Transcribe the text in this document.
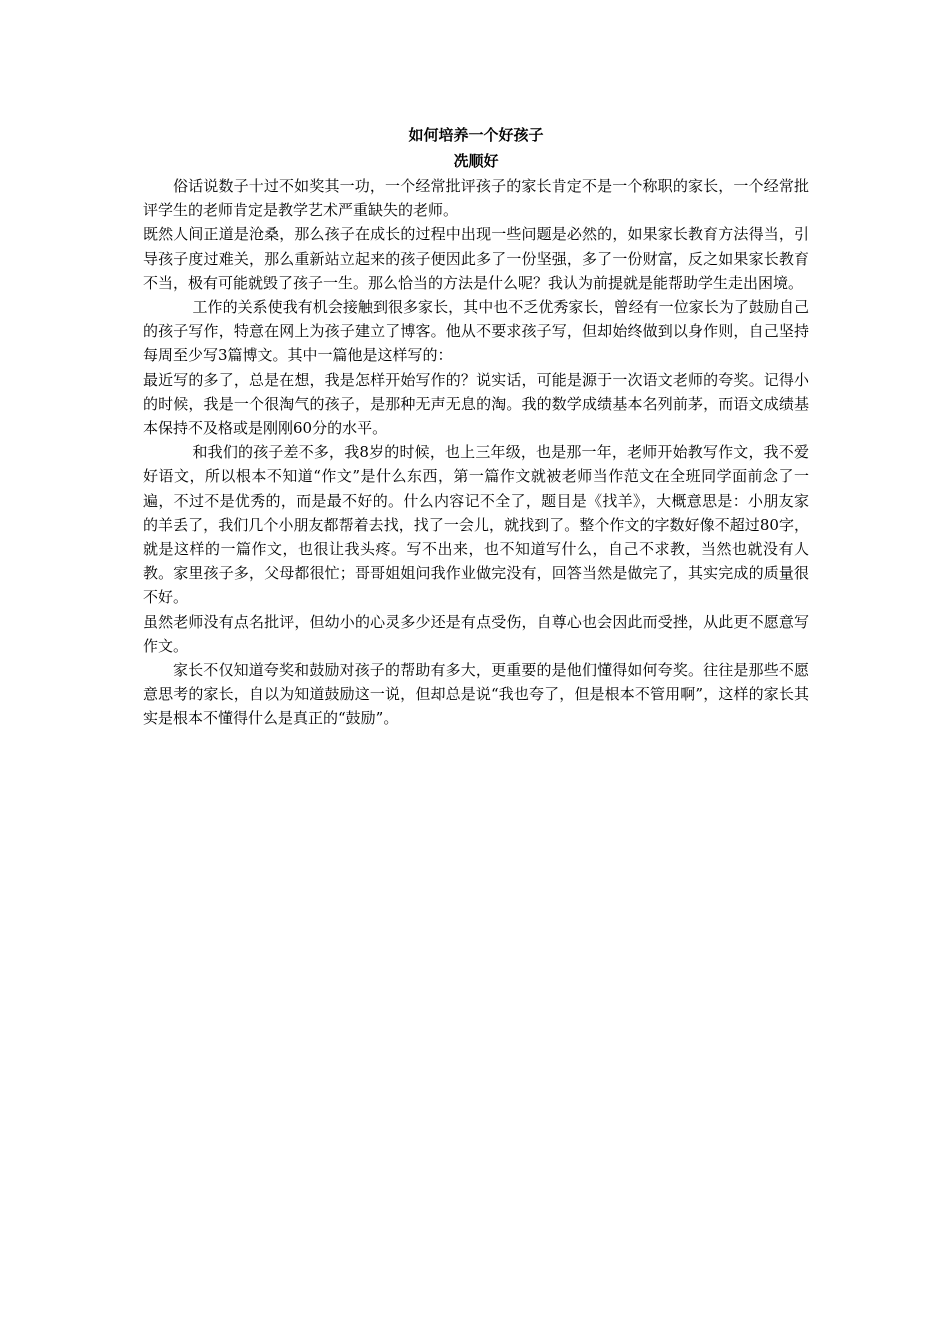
如何培养一个好孩子

冼顺好

俗话说数子十过不如奖其一功，一个经常批评孩子的家长肯定不是一个称职的家长，一个经常批评学生的老师肯定是教学艺术严重缺失的老师。

既然人间正道是沧桑，那么孩子在成长的过程中出现一些问题是必然的，如果家长教育方法得当，引导孩子度过难关，那么重新站立起来的孩子便因此多了一份坚强，多了一份财富，反之如果家长教育不当，极有可能就毁了孩子一生。那么恰当的方法是什么呢？我认为前提就是能帮助学生走出困境。

工作的关系使我有机会接触到很多家长，其中也不乏优秀家长，曾经有一位家长为了鼓励自己的孩子写作，特意在网上为孩子建立了博客。他从不要求孩子写，但却始终做到以身作则，自己坚持每周至少写3篇博文。其中一篇他是这样写的：

最近写的多了，总是在想，我是怎样开始写作的？说实话，可能是源于一次语文老师的夸奖。记得小的时候，我是一个很淘气的孩子，是那种无声无息的淘。我的数学成绩基本名列前茅，而语文成绩基本保持不及格或是刚刚60分的水平。

和我们的孩子差不多，我8岁的时候，也上三年级，也是那一年，老师开始教写作文，我不爱好语文，所以根本不知道“作文”是什么东西，第一篇作文就被老师当作范文在全班同学面前念了一遍，不过不是优秀的，而是最不好的。什么内容记不全了，题目是《找羊》，大概意思是：小朋友家的羊丢了，我们几个小朋友都帮着去找，找了一会儿，就找到了。整个作文的字数好像不超过80字，就是这样的一篇作文，也很让我头疼。写不出来，也不知道写什么，自己不求教，当然也就没有人教。家里孩子多，父母都很忙；哥哥姐姐问我作业做完没有，回答当然是做完了，其实完成的质量很不好。

虽然老师没有点名批评，但幼小的心灵多少还是有点受伤，自尊心也会因此而受挫，从此更不愿意写作文。

家长不仅知道夸奖和鼓励对孩子的帮助有多大，更重要的是他们懂得如何夸奖。往往是那些不愿意思考的家长，自以为知道鼓励这一说，但却总是说“我也夸了，但是根本不管用啊”，这样的家长其实是根本不懂得什么是真正的“鼓励”。
